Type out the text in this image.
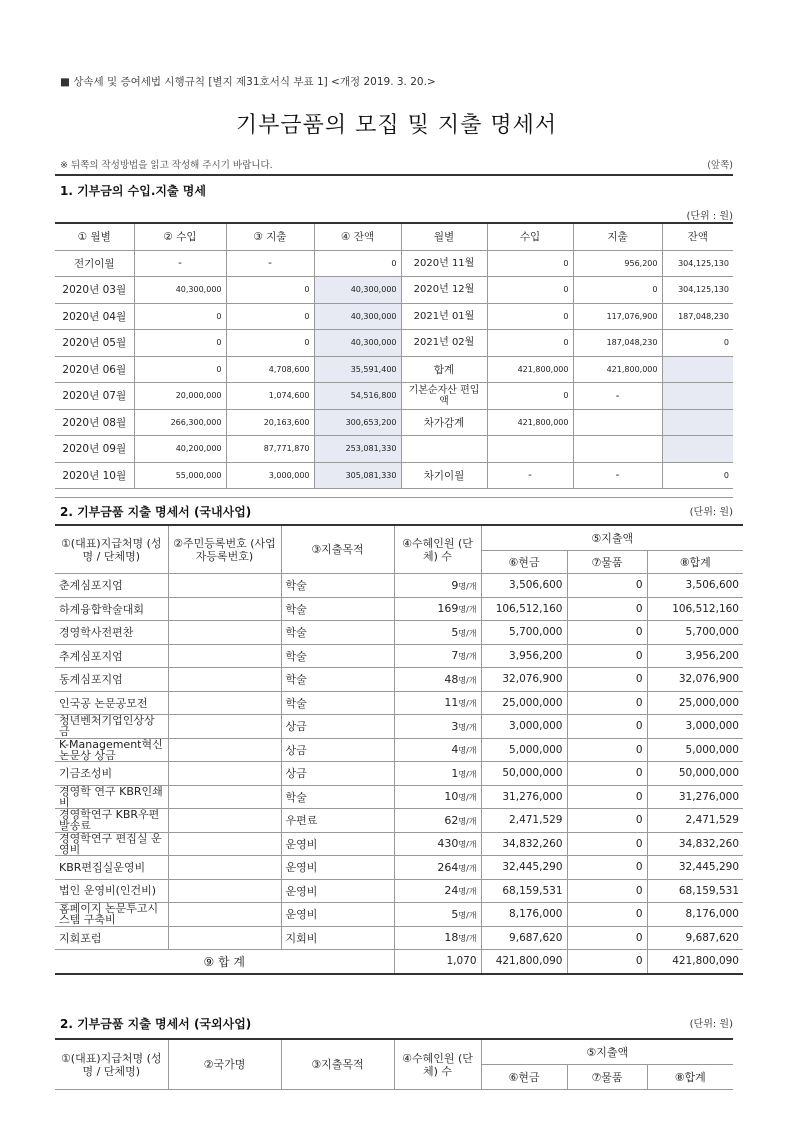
■ 상속세 및 증여세법 시행규칙 [별지 제31호서식 부표 1] <개정 2019. 3. 20.>
기부금품의 모집 및 지출 명세서
※ 뒤쪽의 작성방법을 읽고 작성해 주시기 바랍니다.	(앞쪽)
1. 기부금의 수입.지출 명세
(단위 : 원)
① 월별	② 수입	③ 지출	④ 잔액	월별	수입	지출	잔액
전기이월	-	-	0	2020년 11월	0	956,200	304,125,130
2020년 03월	40,300,000	0	40,300,000	2020년 12월	0	0	304,125,130
2020년 04월	0	0	40,300,000	2021년 01월	0	117,076,900	187,048,230
2020년 05월	0	0	40,300,000	2021년 02월	0	187,048,230	0
2020년 06월	0	4,708,600	35,591,400	합계	421,800,000	421,800,000	
2020년 07월	20,000,000	1,074,600	54,516,800	기본순자산 편입액	0	-	
2020년 08월	266,300,000	20,163,600	300,653,200	차가감계	421,800,000		
2020년 09월	40,200,000	87,771,870	253,081,330				
2020년 10월	55,000,000	3,000,000	305,081,330	차기이월	-	-	0
2. 기부금품 지출 명세서 (국내사업)	(단위: 원)
①(대표)지급처명 (성명 / 단체명)	②주민등록번호 (사업자등록번호)	③지출목적	④수혜인원 (단체) 수	⑤지출액		
				⑥현금	⑦물품	⑧합계
춘계심포지엄		학술	9명/개	3,506,600	0	3,506,600
하계융합학술대회		학술	169명/개	106,512,160	0	106,512,160
경영학사전편찬		학술	5명/개	5,700,000	0	5,700,000
추계심포지엄		학술	7명/개	3,956,200	0	3,956,200
동계심포지엄		학술	48명/개	32,076,900	0	32,076,900
인국공 논문공모전		학술	11명/개	25,000,000	0	25,000,000
청년벤처기업인상상금		상금	3명/개	3,000,000	0	3,000,000
K-Management혁신논문상 상금		상금	4명/개	5,000,000	0	5,000,000
기금조성비		상금	1명/개	50,000,000	0	50,000,000
경영학 연구 KBR인쇄비		학술	10명/개	31,276,000	0	31,276,000
경영학연구 KBR우편발송료		우편료	62명/개	2,471,529	0	2,471,529
경영학연구 편집실 운영비		운영비	430명/개	34,832,260	0	34,832,260
KBR편집실운영비		운영비	264명/개	32,445,290	0	32,445,290
법인 운영비(인건비)		운영비	24명/개	68,159,531	0	68,159,531
홈페이지 논문투고시스템 구축비		운영비	5명/개	8,176,000	0	8,176,000
지회포럼		지회비	18명/개	9,687,620	0	9,687,620
⑨ 합 계			1,070	421,800,090	0	421,800,090
2. 기부금품 지출 명세서 (국외사업)	(단위: 원)
①(대표)지급처명 (성명 / 단체명)	②국가명	③지출목적	④수혜인원 (단체) 수	⑤지출액		
				⑥현금	⑦물품	⑧합계
